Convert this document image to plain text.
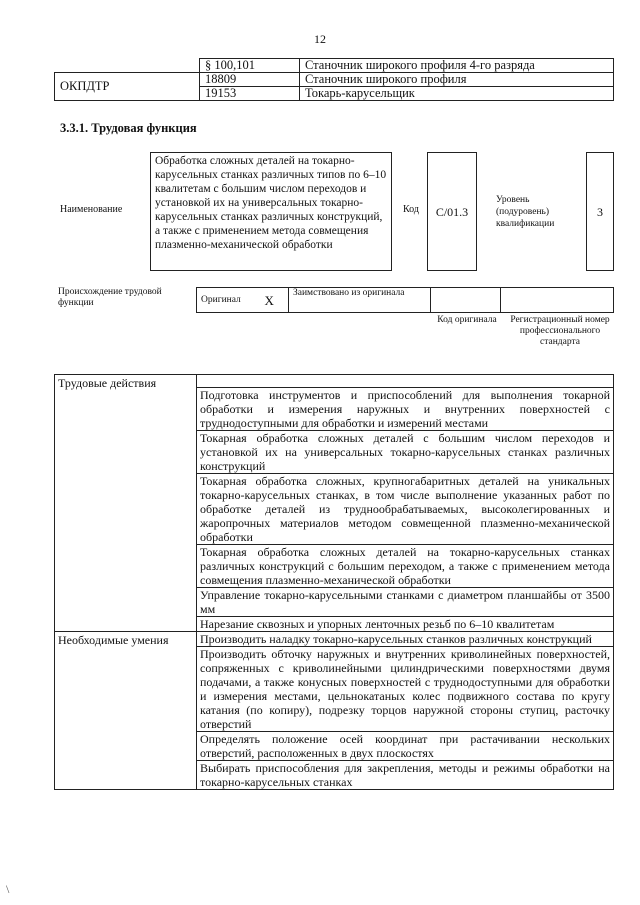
12
	§ 100,101	Станочник широкого профиля 4-го разряда
ОКПДТР	18809	Станочник широкого профиля
	19153	Токарь-карусельщик
3.3.1. Трудовая функция
Наименование
Обработка сложных деталей на токарно-карусельных станках различных типов по 6–10 квалитетам с большим числом переходов и установкой их на универсальных токарно-карусельных станках различных конструкций, а также с применением метода совмещения плазменно-механической обработки
Код	C/01.3
Уровень (подуровень) квалификации
3
Происхождение трудовой функции	Оригинал	X	Заимствовано из оригинала		
Код оригинала	Регистрационный номер профессионального стандарта
Трудовые действия	
	Подготовка инструментов и приспособлений для выполнения токарной обработки и измерения наружных и внутренних поверхностей с труднодоступными для обработки и измерений местами
	Токарная обработка сложных деталей с большим числом переходов и установкой их на универсальных токарно-карусельных станках различных конструкций
	Токарная обработка сложных, крупногабаритных деталей на уникальных токарно-карусельных станках, в том числе выполнение указанных работ по обработке деталей из труднообрабатываемых, высоколегированных и жаропрочных материалов методом совмещенной плазменно-механической обработки
	Токарная обработка сложных деталей на токарно-карусельных станках различных конструкций с большим переходом, а также с применением метода совмещения плазменно-механической обработки
	Управление токарно-карусельными станками с диаметром планшайбы от 3500 мм
	Нарезание сквозных и упорных ленточных резьб по 6–10 квалитетам
Необходимые умения	Производить наладку токарно-карусельных станков различных конструкций
	Производить обточку наружных и внутренних криволинейных поверхностей, сопряженных с криволинейными цилиндрическими поверхностями двумя подачами, а также конусных поверхностей с труднодоступными для обработки и измерения местами, цельнокатаных колес подвижного состава по кругу катания (по копиру), подрезку торцов наружной стороны ступиц, расточку отверстий
	Определять положение осей координат при растачивании нескольких отверстий, расположенных в двух плоскостях
	Выбирать приспособления для закрепления, методы и режимы обработки на токарно-карусельных станках
\
